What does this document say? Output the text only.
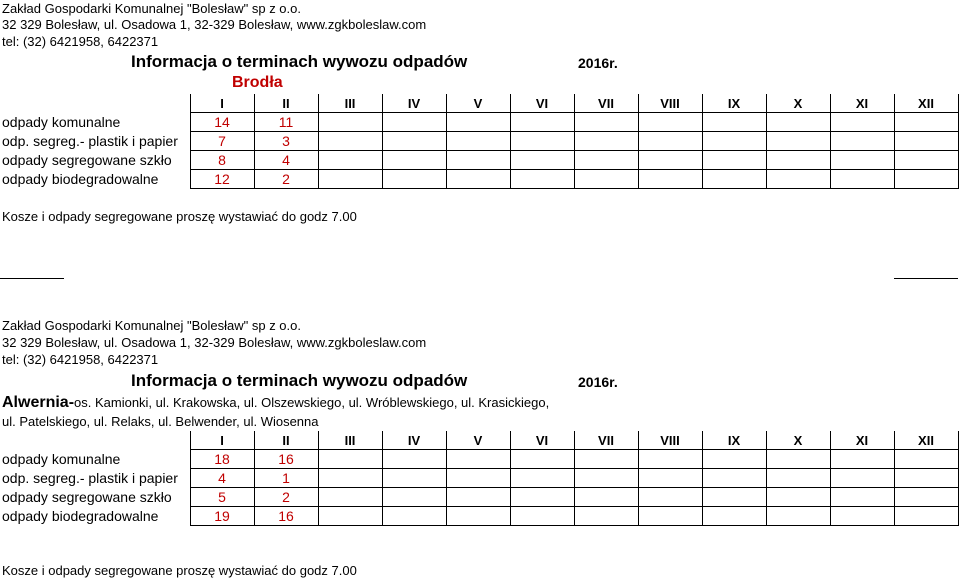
Zakład Gospodarki Komunalnej "Bolesław" sp z o.o.
32 329 Bolesław, ul. Osadowa 1, 32-329 Bolesław, www.zgkboleslaw.com
tel: (32) 6421958, 6422371
Informacja o terminach wywozu odpadów	2016r.
Brodła
	I	II	III	IV	V	VI	VII	VIII	IX	X	XI	XII
odpady komunalne	14	11										
odp. segreg.- plastik i papier	7	3										
odpady segregowane szkło	8	4										
odpady biodegradowalne	12	2										
Kosze i odpady segregowane proszę wystawiać do godz 7.00
Zakład Gospodarki Komunalnej "Bolesław" sp z o.o.
32 329 Bolesław, ul. Osadowa 1, 32-329 Bolesław, www.zgkboleslaw.com
tel: (32) 6421958, 6422371
Informacja o terminach wywozu odpadów	2016r.
Alwernia-os. Kamionki, ul. Krakowska, ul. Olszewskiego, ul. Wróblewskiego, ul. Krasickiego,
ul. Patelskiego, ul. Relaks, ul. Belwender, ul. Wiosenna
	I	II	III	IV	V	VI	VII	VIII	IX	X	XI	XII
odpady komunalne	18	16										
odp. segreg.- plastik i papier	4	1										
odpady segregowane szkło	5	2										
odpady biodegradowalne	19	16										
Kosze i odpady segregowane proszę wystawiać do godz 7.00
